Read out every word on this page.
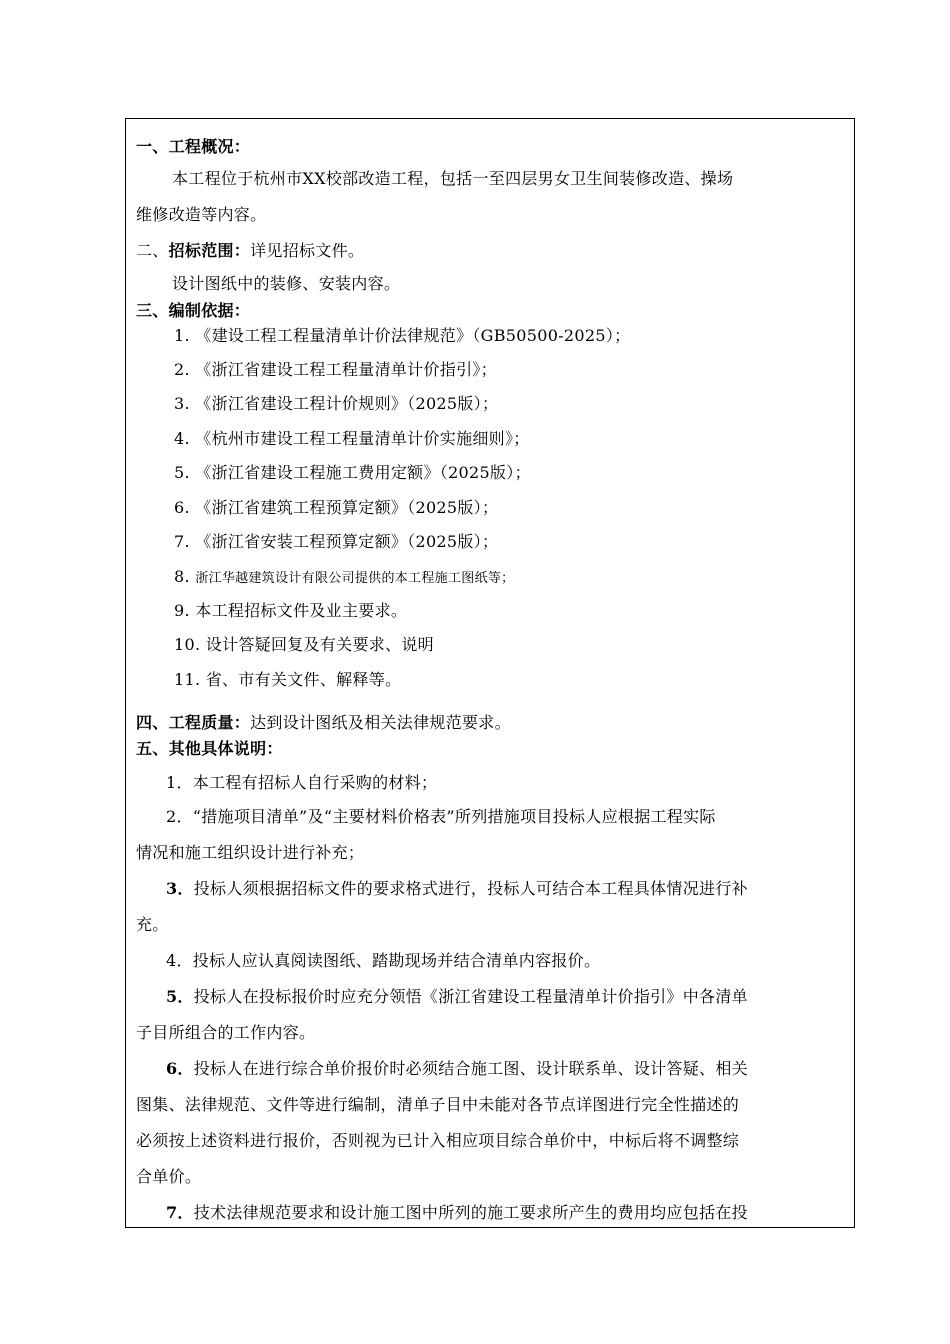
一、工程概况：
本工程位于杭州市XX校部改造工程，包括一至四层男女卫生间装修改造、操场
维修改造等内容。
二、招标范围：详见招标文件。
设计图纸中的装修、安装内容。
三、编制依据：
1. 《建设工程工程量清单计价法律规范》（GB50500-2025）；
2. 《浙江省建设工程工程量清单计价指引》；
3. 《浙江省建设工程计价规则》（2025版）；
4. 《杭州市建设工程工程量清单计价实施细则》；
5. 《浙江省建设工程施工费用定额》（2025版）；
6. 《浙江省建筑工程预算定额》（2025版）；
7. 《浙江省安装工程预算定额》（2025版）；
8. 浙江华越建筑设计有限公司提供的本工程施工图纸等；
9. 本工程招标文件及业主要求。
10. 设计答疑回复及有关要求、说明
11. 省、市有关文件、解释等。
四、工程质量：达到设计图纸及相关法律规范要求。
五、其他具体说明：
1．本工程有招标人自行采购的材料；
2．“措施项目清单”及“主要材料价格表”所列措施项目投标人应根据工程实际
情况和施工组织设计进行补充；
3．投标人须根据招标文件的要求格式进行，投标人可结合本工程具体情况进行补
充。
4．投标人应认真阅读图纸、踏勘现场并结合清单内容报价。
5．投标人在投标报价时应充分领悟《浙江省建设工程量清单计价指引》中各清单
子目所组合的工作内容。
6．投标人在进行综合单价报价时必须结合施工图、设计联系单、设计答疑、相关
图集、法律规范、文件等进行编制，清单子目中未能对各节点详图进行完全性描述的
必须按上述资料进行报价，否则视为已计入相应项目综合单价中，中标后将不调整综
合单价。
7．技术法律规范要求和设计施工图中所列的施工要求所产生的费用均应包括在投
